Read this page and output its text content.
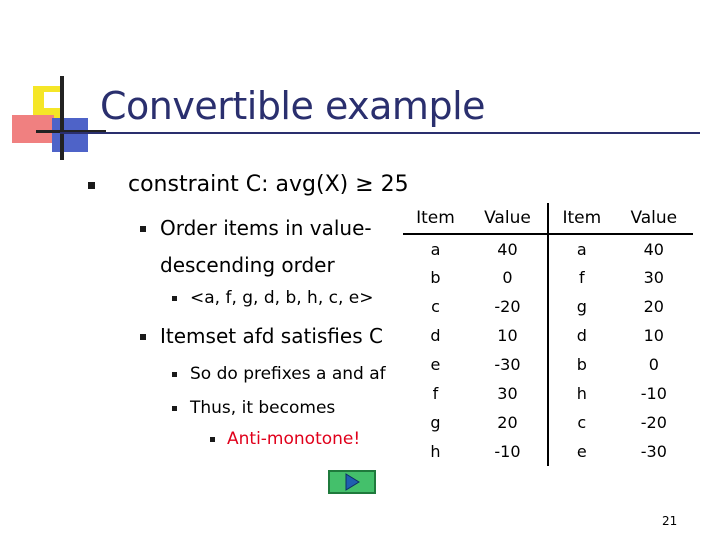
Convertible example
constraint C: avg(X) ≥ 25
Order items in value-
descending order
<a, f, g, d, b, h, c, e>
Itemset afd satisfies C
So do prefixes a and af
Thus, it becomes
Anti-monotone!
Item	Value	Item	Value
a	40	a	40
b	0	f	30
c	-20	g	20
d	10	d	10
e	-30	b	0
f	30	h	-10
g	20	c	-20
h	-10	e	-30
21
